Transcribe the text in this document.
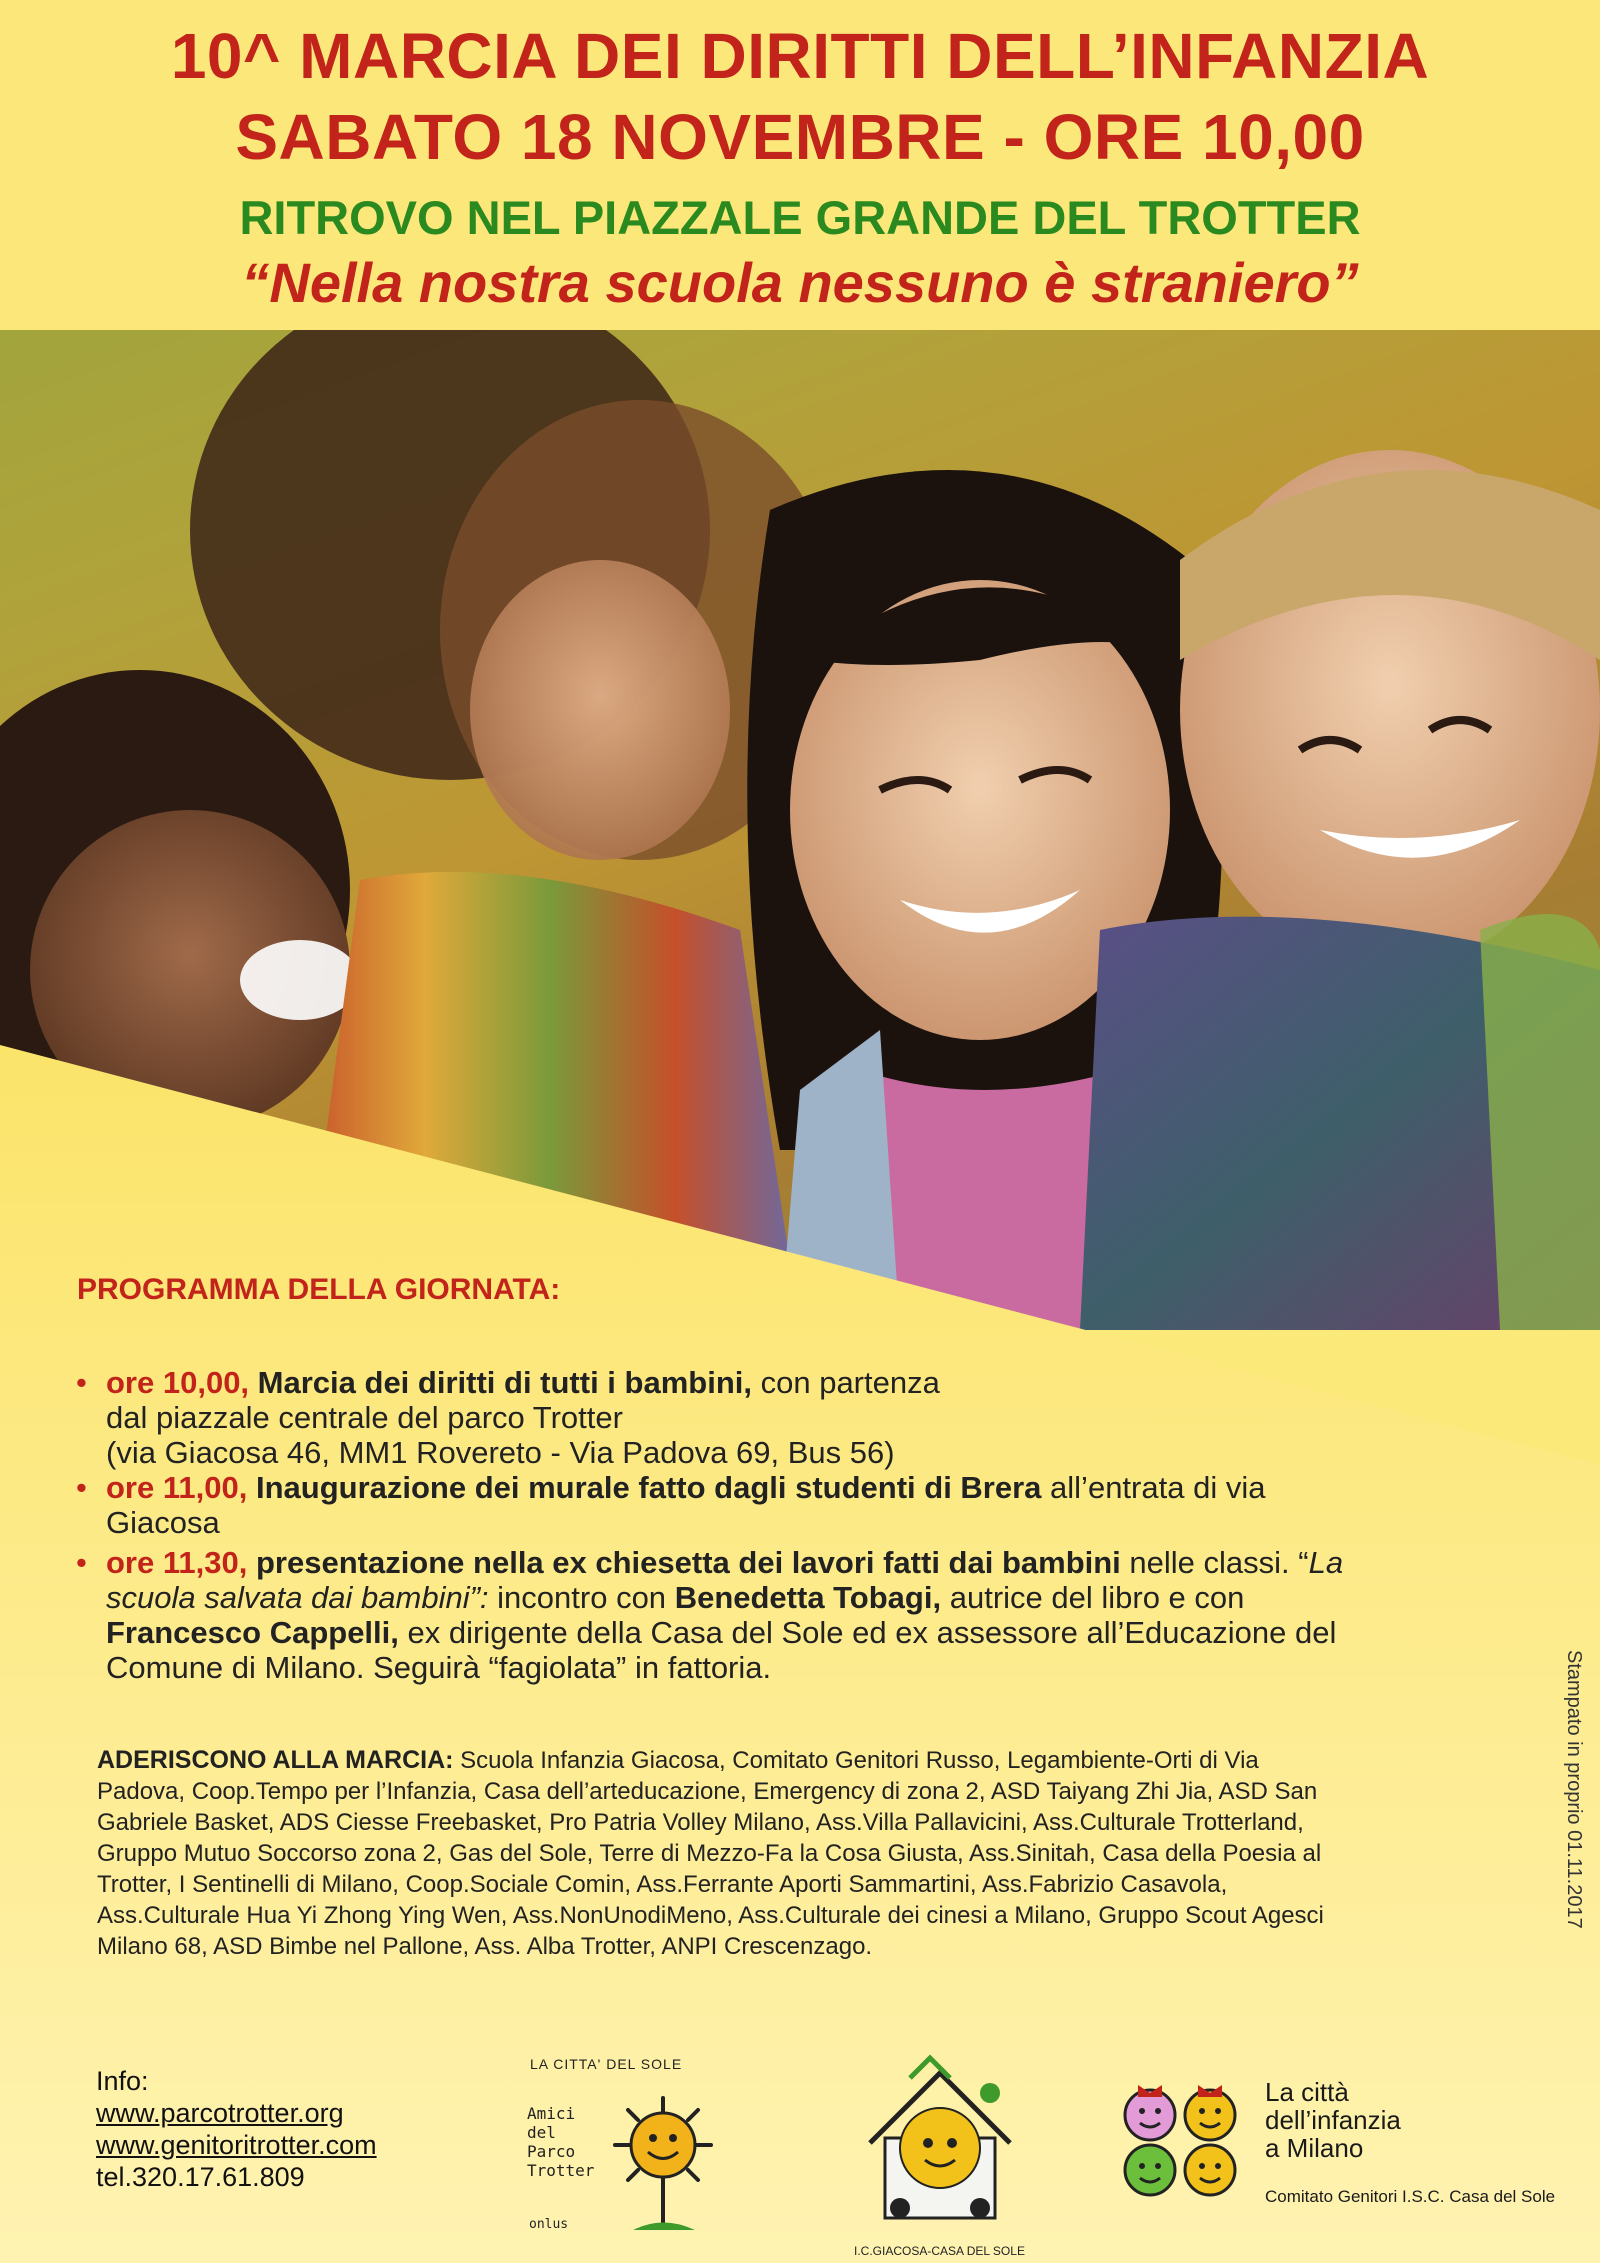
10^ MARCIA DEI DIRITTI DELL’INFANZIA
SABATO 18 NOVEMBRE - ORE 10,00
RITROVO NEL PIAZZALE GRANDE DEL TROTTER
“Nella nostra scuola nessuno è straniero”
PROGRAMMA DELLA GIORNATA:
• ore 10,00, Marcia dei diritti di tutti i bambini, con partenza
dal piazzale centrale del parco Trotter
(via Giacosa 46, MM1 Rovereto - Via Padova 69, Bus 56)
• ore 11,00, Inaugurazione dei murale fatto dagli studenti di Brera all’entrata di via
Giacosa
• ore 11,30, presentazione nella ex chiesetta dei lavori fatti dai bambini nelle classi. “La
scuola salvata dai bambini”: incontro con Benedetta Tobagi, autrice del libro e con
Francesco Cappelli, ex dirigente della Casa del Sole ed ex assessore all’Educazione del
Comune di Milano. Seguirà “fagiolata” in fattoria.
ADERISCONO ALLA MARCIA: Scuola Infanzia Giacosa, Comitato Genitori Russo, Legambiente-Orti di Via
Padova, Coop.Tempo per l’Infanzia, Casa dell’arteducazione, Emergency di zona 2, ASD Taiyang Zhi Jia, ASD San
Gabriele Basket, ADS Ciesse Freebasket, Pro Patria Volley Milano, Ass.Villa Pallavicini, Ass.Culturale Trotterland,
Gruppo Mutuo Soccorso zona 2, Gas del Sole, Terre di Mezzo-Fa la Cosa Giusta, Ass.Sinitah, Casa della Poesia al
Trotter, I Sentinelli di Milano, Coop.Sociale Comin, Ass.Ferrante Aporti Sammartini, Ass.Fabrizio Casavola,
Ass.Culturale Hua Yi Zhong Ying Wen, Ass.NonUnodiMeno, Ass.Culturale dei cinesi a Milano, Gruppo Scout Agesci
Milano 68, ASD Bimbe nel Pallone, Ass. Alba Trotter, ANPI Crescenzago.
Stampato in proprio 01.11.2017
Info:
www.parcotrotter.org
www.genitoritrotter.com
tel.320.17.61.809
LA CITTA' DEL SOLE
Amici
del
Parco
Trotter
onlus
I.C.GIACOSA-CASA DEL SOLE
La città
dell’infanzia
a Milano
Comitato Genitori I.S.C. Casa del Sole
